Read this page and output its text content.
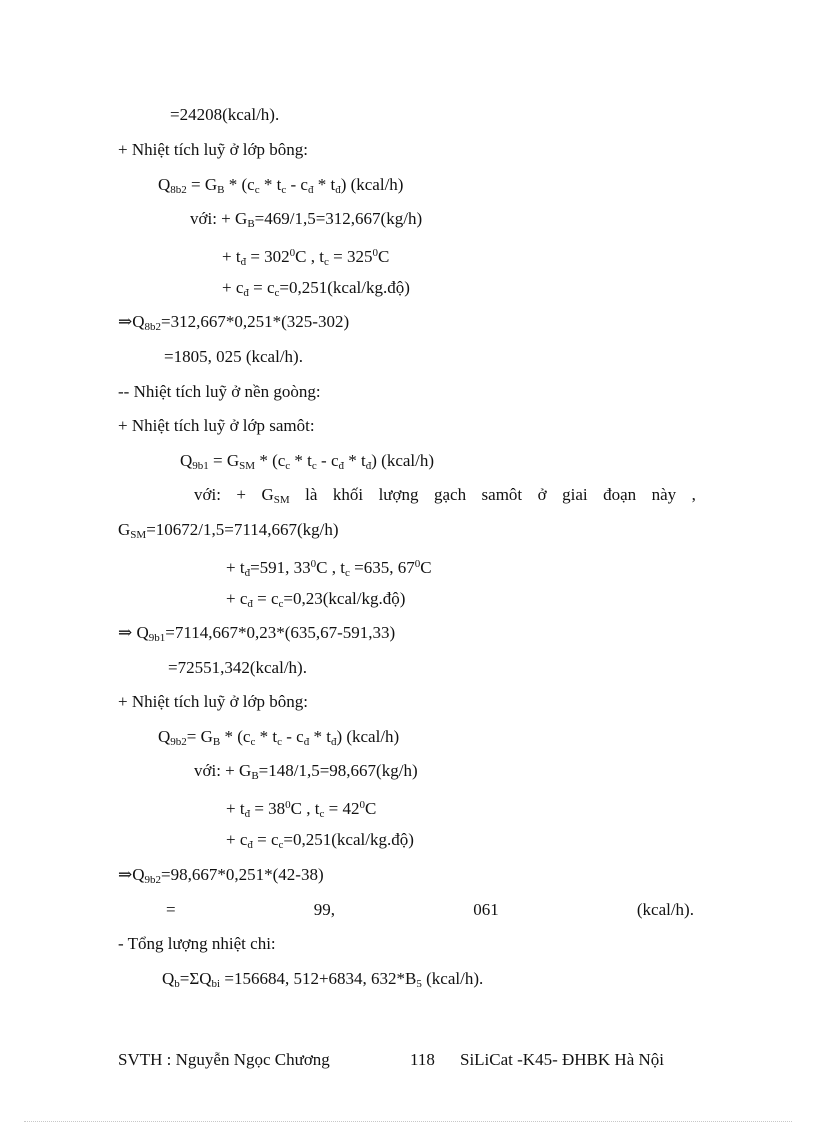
=24208(kcal/h).
+ Nhiệt tích luỹ ở lớp bông:
Q8b2 = GB * (cc * tc - cđ * tđ) (kcal/h)
với: + GB=469/1,5=312,667(kg/h)
+ tđ = $302^0C$ , tc = $325^0C$
+ cđ = cc=0,251(kcal/kg.độ)
⇒Q8b2=312,667*0,251*(325-302)
=1805, 025 (kcal/h).
-- Nhiệt tích luỹ ở nền goòng:
+ Nhiệt tích luỹ ở lớp samôt:
Q9b1 = GSM * (cc * tc - cđ * tđ) (kcal/h)
với: + GSM là khối lượng gạch samôt ở giai đoạn này ,
GSM=10672/1,5=7114,667(kg/h)
+ tđ=591, $33^0C$ , tc =635, $67^0C$
+ cđ = cc=0,23(kcal/kg.độ)
⇒ Q9b1=7114,667*0,23*(635,67-591,33)
=72551,342(kcal/h).
+ Nhiệt tích luỹ ở lớp bông:
Q9b2= GB * (cc * tc - cđ * tđ) (kcal/h)
với: + GB=148/1,5=98,667(kg/h)
+ tđ = $38^0C$ , tc = $42^0C$
+ cđ = cc=0,251(kcal/kg.độ)
⇒Q9b2=98,667*0,251*(42-38)
=	99,	061	(kcal/h).
- Tổng lượng nhiệt chi:
Qb=ΣQbi =156684, 512+6834, 632*B5 (kcal/h).
SVTH : Nguyễn Ngọc Chương	118 SiLiCat -K45- ĐHBK Hà Nội
